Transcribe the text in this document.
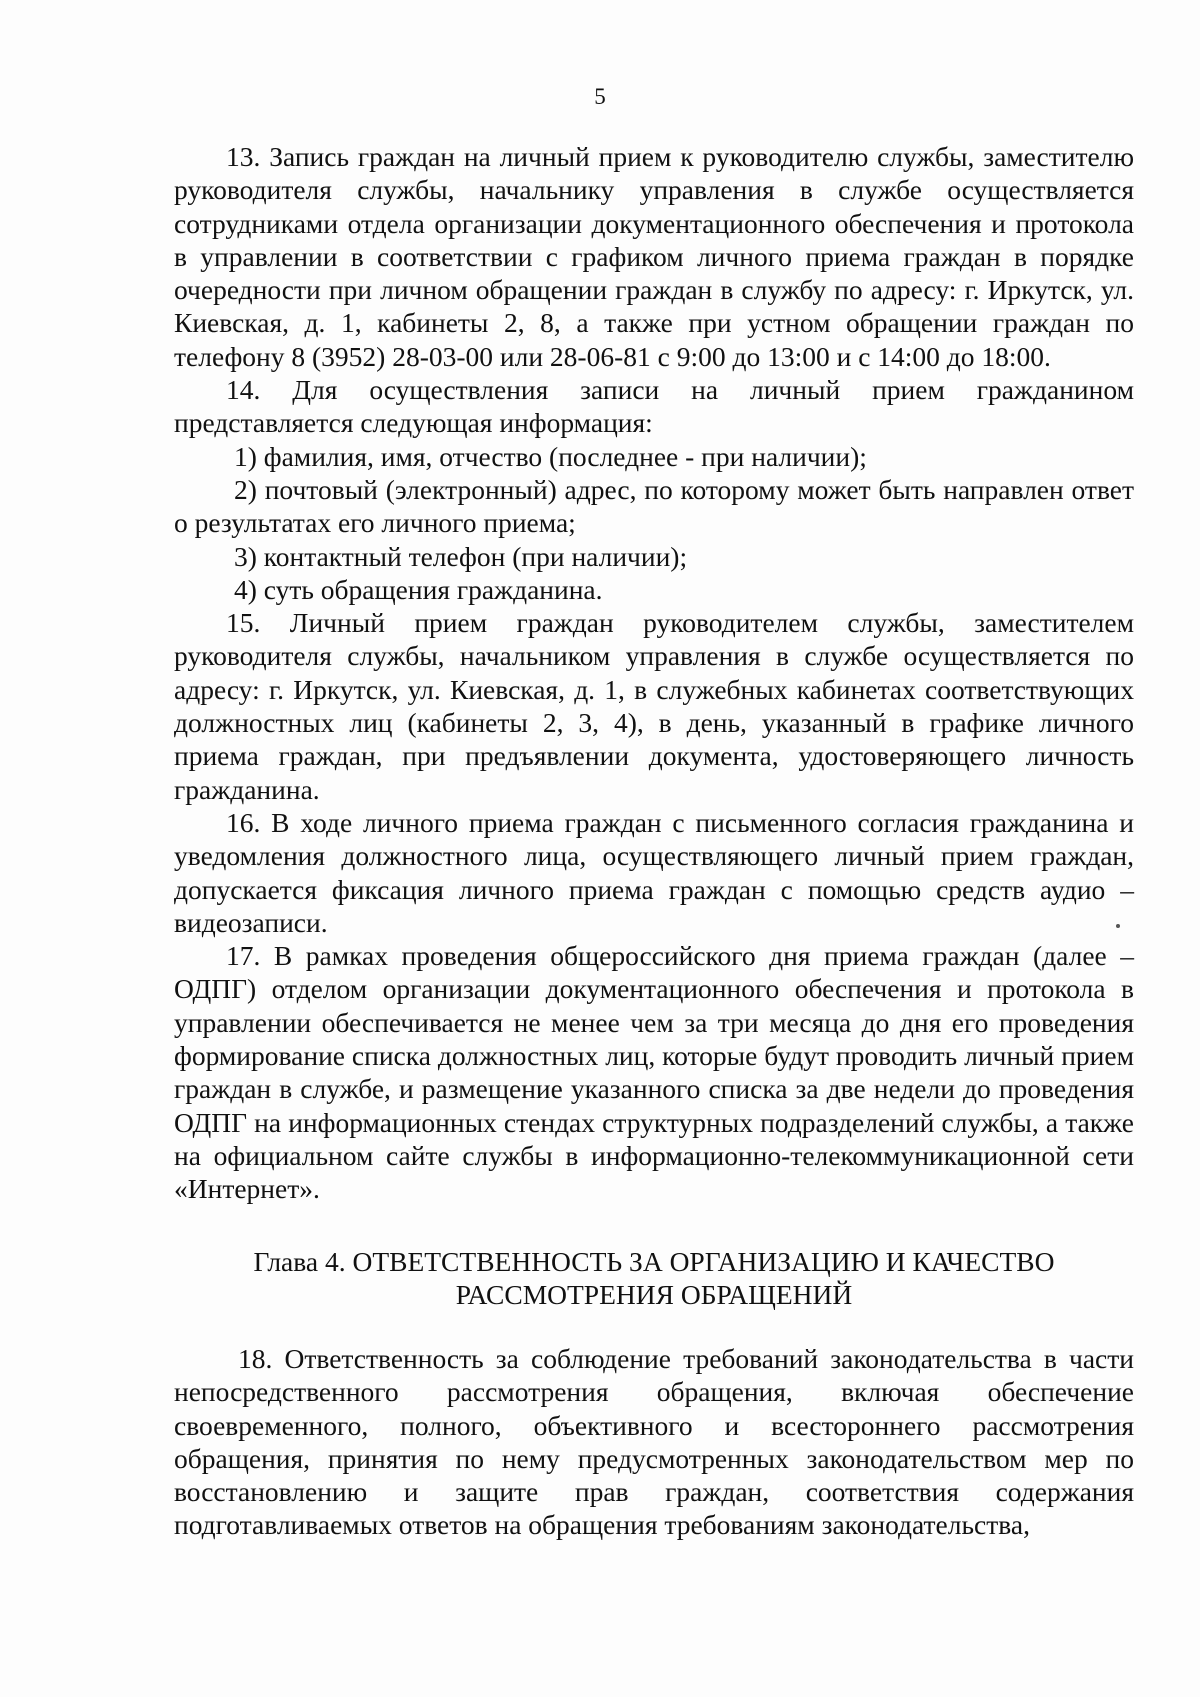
5

13. Запись граждан на личный прием к руководителю службы, заместителю руководителя службы, начальнику управления в службе осуществляется сотрудниками отдела организации документационного обеспечения и протокола в управлении в соответствии с графиком личного приема граждан в порядке очередности при личном обращении граждан в службу по адресу: г. Иркутск, ул. Киевская, д. 1, кабинеты 2, 8, а также при устном обращении граждан по телефону 8 (3952) 28-03-00 или 28-06-81 с 9:00 до 13:00 и с 14:00 до 18:00.

14. Для осуществления записи на личный прием гражданином представляется следующая информация:

1) фамилия, имя, отчество (последнее - при наличии);

2) почтовый (электронный) адрес, по которому может быть направлен ответ о результатах его личного приема;

3) контактный телефон (при наличии);

4) суть обращения гражданина.

15. Личный прием граждан руководителем службы, заместителем руководителя службы, начальником управления в службе осуществляется по адресу: г. Иркутск, ул. Киевская, д. 1, в служебных кабинетах соответствующих должностных лиц (кабинеты 2, 3, 4), в день, указанный в графике личного приема граждан, при предъявлении документа, удостоверяющего личность гражданина.

16. В ходе личного приема граждан с письменного согласия гражданина и уведомления должностного лица, осуществляющего личный прием граждан, допускается фиксация личного приема граждан с помощью средств аудио – видеозаписи.

17. В рамках проведения общероссийского дня приема граждан (далее – ОДПГ) отделом организации документационного обеспечения и протокола в управлении обеспечивается не менее чем за три месяца до дня его проведения формирование списка должностных лиц, которые будут проводить личный прием граждан в службе, и размещение указанного списка за две недели до проведения ОДПГ на информационных стендах структурных подразделений службы, а также на официальном сайте службы в информационно-телекоммуникационной сети «Интернет».

Глава 4. ОТВЕТСТВЕННОСТЬ ЗА ОРГАНИЗАЦИЮ И КАЧЕСТВО
РАССМОТРЕНИЯ ОБРАЩЕНИЙ

18. Ответственность за соблюдение требований законодательства в части непосредственного рассмотрения обращения, включая обеспечение своевременного, полного, объективного и всестороннего рассмотрения обращения, принятия по нему предусмотренных законодательством мер по восстановлению и защите прав граждан, соответствия содержания подготавливаемых ответов на обращения требованиям законодательства,
